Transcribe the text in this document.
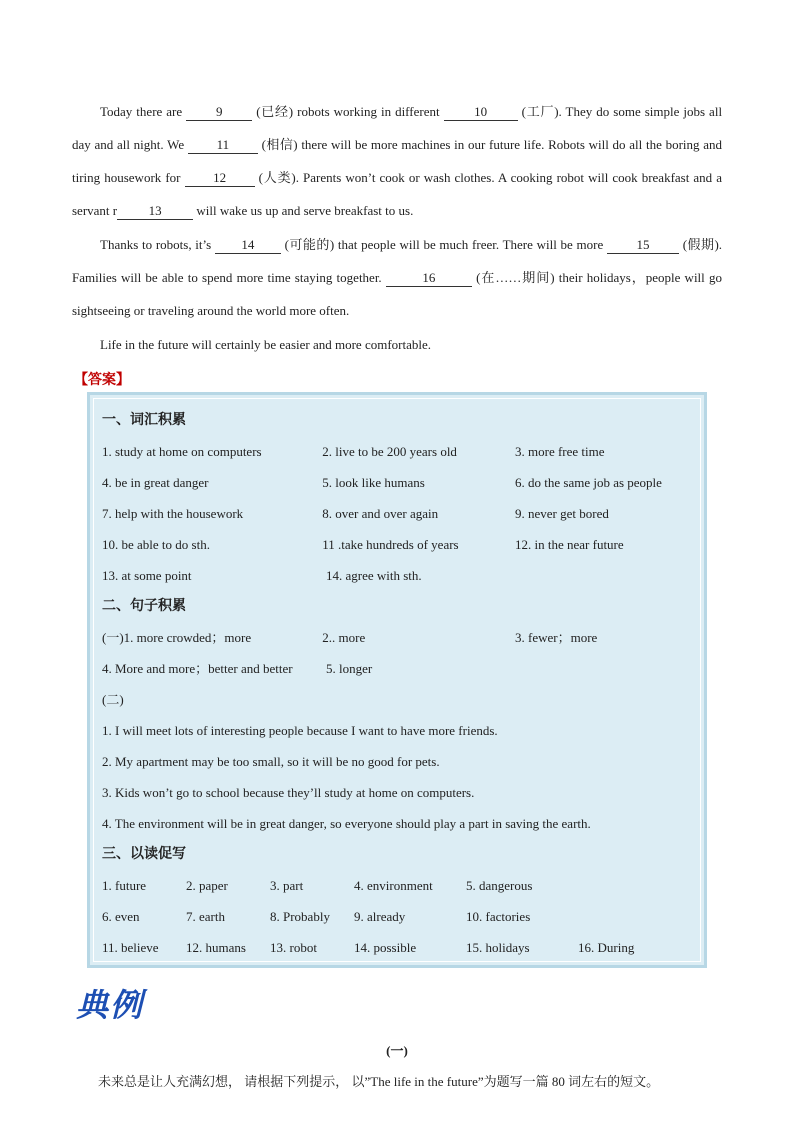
Today there are	9	(已经) robots working in different	10	(工厂). They do some simple jobs all day and all night. We 11 (相信) there will be more machines in our future life. Robots will do all the boring and tiring housework for	12	(人类). Parents won’t cook or wash clothes. A cooking robot will cook breakfast and a servant r 13	will wake us up and serve breakfast to us.
Thanks to robots, it’s 14 (可能的) that people will be much freer. There will be more	15	(假期). Families will be able to spend more time staying together.	16	(在……期间) their holidays，people will go sightseeing or traveling around the world more often.
Life in the future will certainly be easier and more comfortable.
【答案】
一、词汇积累
1. study at home on computers	2. live to be 200 years old	3. more free time
4. be in great danger	5. look like humans	6. do the same job as people
7. help with the housework	8. over and over again	9. never get bored
10. be able to do sth.	11 .take hundreds of years	12. in the near future
13. at some point	14. agree with sth.
二、句子积累
(一)1. more crowded；more	2.. more	3. fewer；more
4. More and more；better and better	5. longer
(二)
1. I will meet lots of interesting people because I want to have more friends.
2. My apartment may be too small, so it will be no good for pets.
3. Kids won’t go to school because they’ll study at home on computers.
4. The environment will be in great danger, so everyone should play a part in saving the earth.
三、以读促写
1. future	2. paper	3. part	4. environment	5. dangerous
6. even	7. earth	8. Probably	9. already	10. factories
11. believe	12. humans	13. robot	14. possible	15. holidays	16. During
典例
(一)
未来总是让人充满幻想， 请根据下列提示， 以”The life in the future”为题写一篇 80 词左右的短文。
